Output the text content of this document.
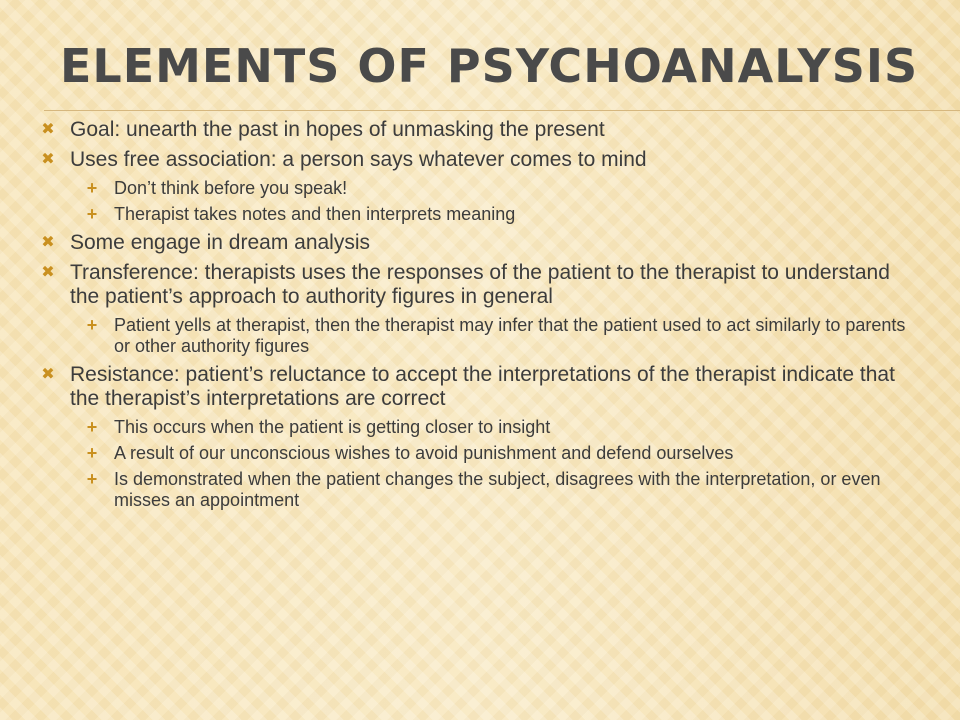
ELEMENTS OF PSYCHOANALYSIS
✖ Goal: unearth the past in hopes of unmasking the present
✖ Uses free association: a person says whatever comes to mind
+ Don’t think before you speak!
+ Therapist takes notes and then interprets meaning
✖ Some engage in dream analysis
✖ Transference: therapists uses the responses of the patient to the therapist to understand the patient’s approach to authority figures in general
+ Patient yells at therapist, then the therapist may infer that the patient used to act similarly to parents or other authority figures
✖ Resistance: patient’s reluctance to accept the interpretations of the therapist indicate that the therapist’s interpretations are correct
+ This occurs when the patient is getting closer to insight
+ A result of our unconscious wishes to avoid punishment and defend ourselves
+ Is demonstrated when the patient changes the subject, disagrees with the interpretation, or even misses an appointment
